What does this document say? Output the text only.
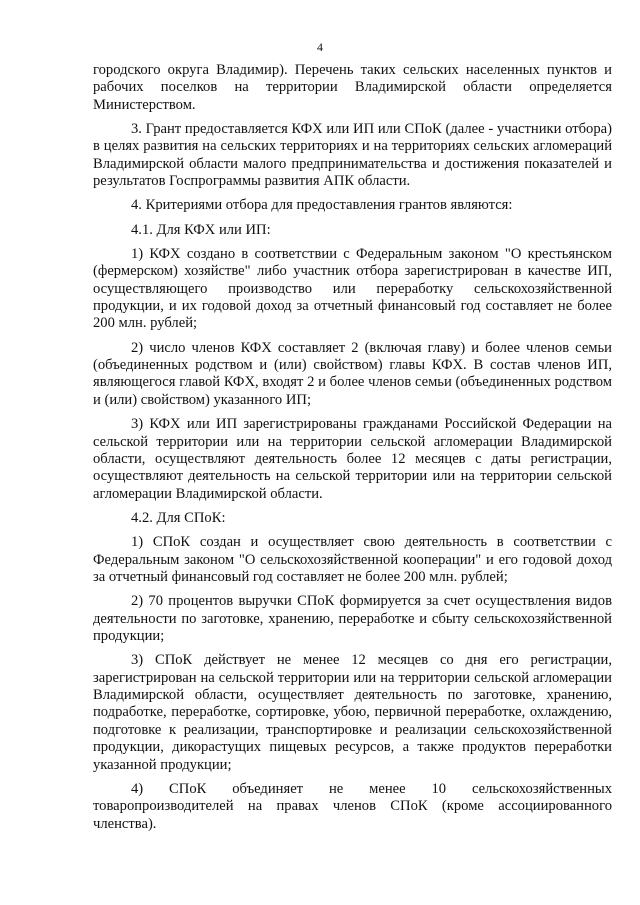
4

городского округа Владимир). Перечень таких сельских населенных пунктов и рабочих поселков на территории Владимирской области определяется Министерством.

3. Грант предоставляется КФХ или ИП или СПоК (далее - участники отбора) в целях развития на сельских территориях и на территориях сельских агломераций Владимирской области малого предпринимательства и достижения показателей и результатов Госпрограммы развития АПК области.

4. Критериями отбора для предоставления грантов являются:

4.1. Для КФХ или ИП:

1) КФХ создано в соответствии с Федеральным законом "О крестьянском (фермерском) хозяйстве" либо участник отбора зарегистрирован в качестве ИП, осуществляющего производство или переработку сельскохозяйственной продукции, и их годовой доход за отчетный финансовый год составляет не более 200 млн. рублей;

2) число членов КФХ составляет 2 (включая главу) и более членов семьи (объединенных родством и (или) свойством) главы КФХ. В состав членов ИП, являющегося главой КФХ, входят 2 и более членов семьи (объединенных родством и (или) свойством) указанного ИП;

3) КФХ или ИП зарегистрированы гражданами Российской Федерации на сельской территории или на территории сельской агломерации Владимирской области, осуществляют деятельность более 12 месяцев с даты регистрации, осуществляют деятельность на сельской территории или на территории сельской агломерации Владимирской области.

4.2. Для СПоК:

1) СПоК создан и осуществляет свою деятельность в соответствии с Федеральным законом "О сельскохозяйственной кооперации" и его годовой доход за отчетный финансовый год составляет не более 200 млн. рублей;

2) 70 процентов выручки СПоК формируется за счет осуществления видов деятельности по заготовке, хранению, переработке и сбыту сельскохозяйственной продукции;

3) СПоК действует не менее 12 месяцев со дня его регистрации, зарегистрирован на сельской территории или на территории сельской агломерации Владимирской области, осуществляет деятельность по заготовке, хранению, подработке, переработке, сортировке, убою, первичной переработке, охлаждению, подготовке к реализации, транспортировке и реализации сельскохозяйственной продукции, дикорастущих пищевых ресурсов, а также продуктов переработки указанной продукции;

4) СПоК объединяет не менее 10 сельскохозяйственных товаропроизводителей на правах членов СПоК (кроме ассоциированного членства).
